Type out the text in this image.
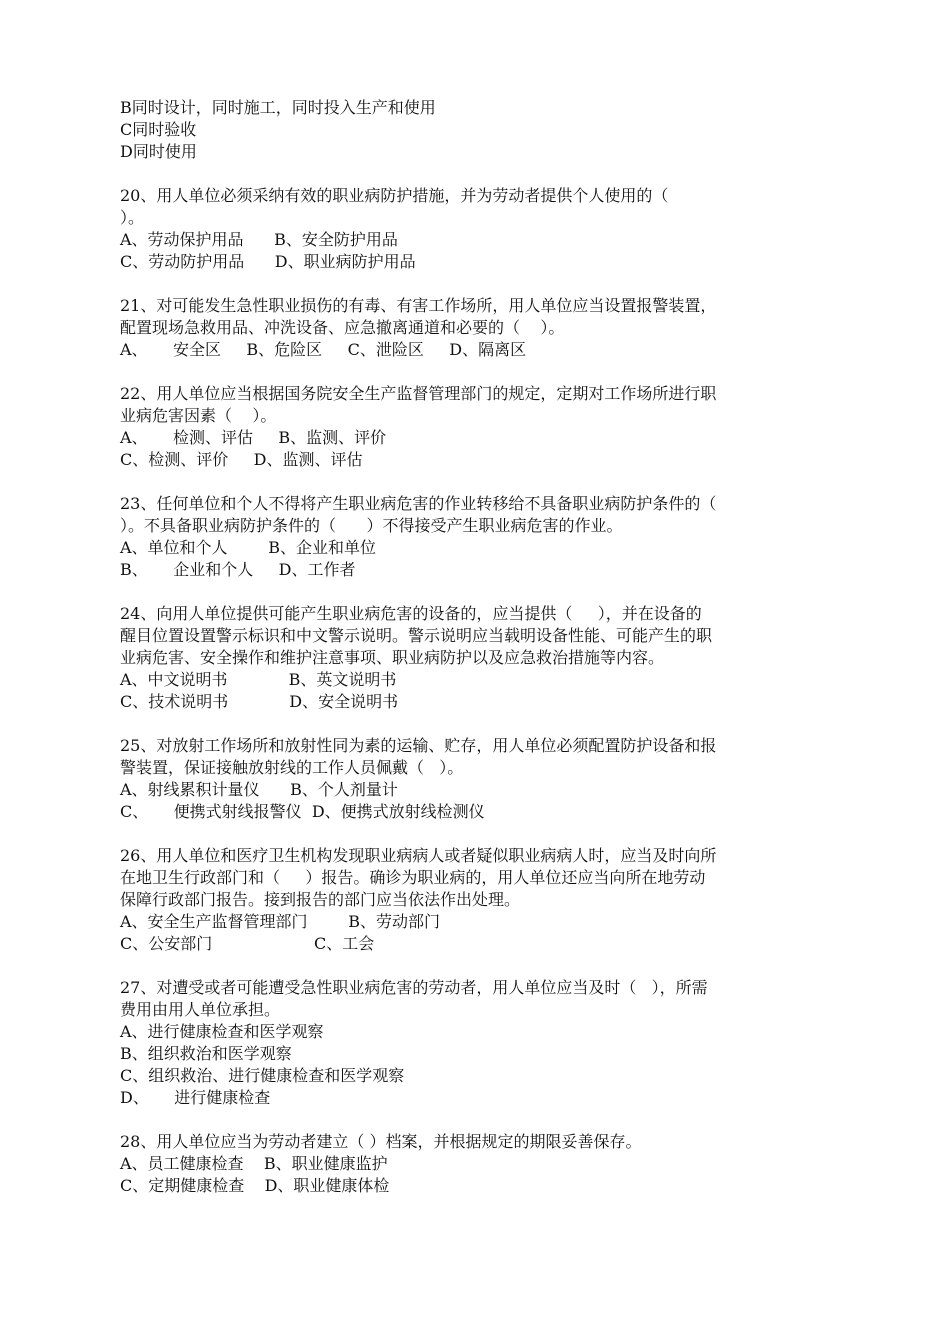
B同时设计，同时施工，同时投入生产和使用
C同时验收
D同时使用
20、用人单位必须采纳有效的职业病防护措施，并为劳动者提供个人使用的（
）。
A、劳动保护用品      B、安全防护用品
C、劳动防护用品      D、职业病防护用品
21、对可能发生急性职业损伤的有毒、有害工作场所，用人单位应当设置报警装置，
配置现场急救用品、冲洗设备、应急撤离通道和必要的（    ）。
A、     安全区     B、危险区     C、泄险区     D、隔离区
22、用人单位应当根据国务院安全生产监督管理部门的规定，定期对工作场所进行职
业病危害因素（    ）。
A、     检测、评估     B、监测、评价
C、检测、评价     D、监测、评估
23、任何单位和个人不得将产生职业病危害的作业转移给不具备职业病防护条件的（
）。不具备职业病防护条件的（      ）不得接受产生职业病危害的作业。
A、单位和个人        B、企业和单位
B、     企业和个人     D、工作者
24、向用人单位提供可能产生职业病危害的设备的，应当提供（     ），并在设备的
醒目位置设置警示标识和中文警示说明。警示说明应当载明设备性能、可能产生的职
业病危害、安全操作和维护注意事项、职业病防护以及应急救治措施等内容。
A、中文说明书            B、英文说明书
C、技术说明书            D、安全说明书
25、对放射工作场所和放射性同为素的运输、贮存，用人单位必须配置防护设备和报
警装置，保证接触放射线的工作人员佩戴（   ）。
A、射线累积计量仪      B、个人剂量计
C、     便携式射线报警仪  D、便携式放射线检测仪
26、用人单位和医疗卫生机构发现职业病病人或者疑似职业病病人时，应当及时向所
在地卫生行政部门和（     ）报告。确诊为职业病的，用人单位还应当向所在地劳动
保障行政部门报告。接到报告的部门应当依法作出处理。
A、安全生产监督管理部门        B、劳动部门
C、公安部门                    C、工会
27、对遭受或者可能遭受急性职业病危害的劳动者，用人单位应当及时（   ），所需
费用由用人单位承担。
A、进行健康检查和医学观察
B、组织救治和医学观察
C、组织救治、进行健康检查和医学观察
D、     进行健康检查
28、用人单位应当为劳动者建立（ ）档案，并根据规定的期限妥善保存。
A、员工健康检查    B、职业健康监护
C、定期健康检查    D、职业健康体检
